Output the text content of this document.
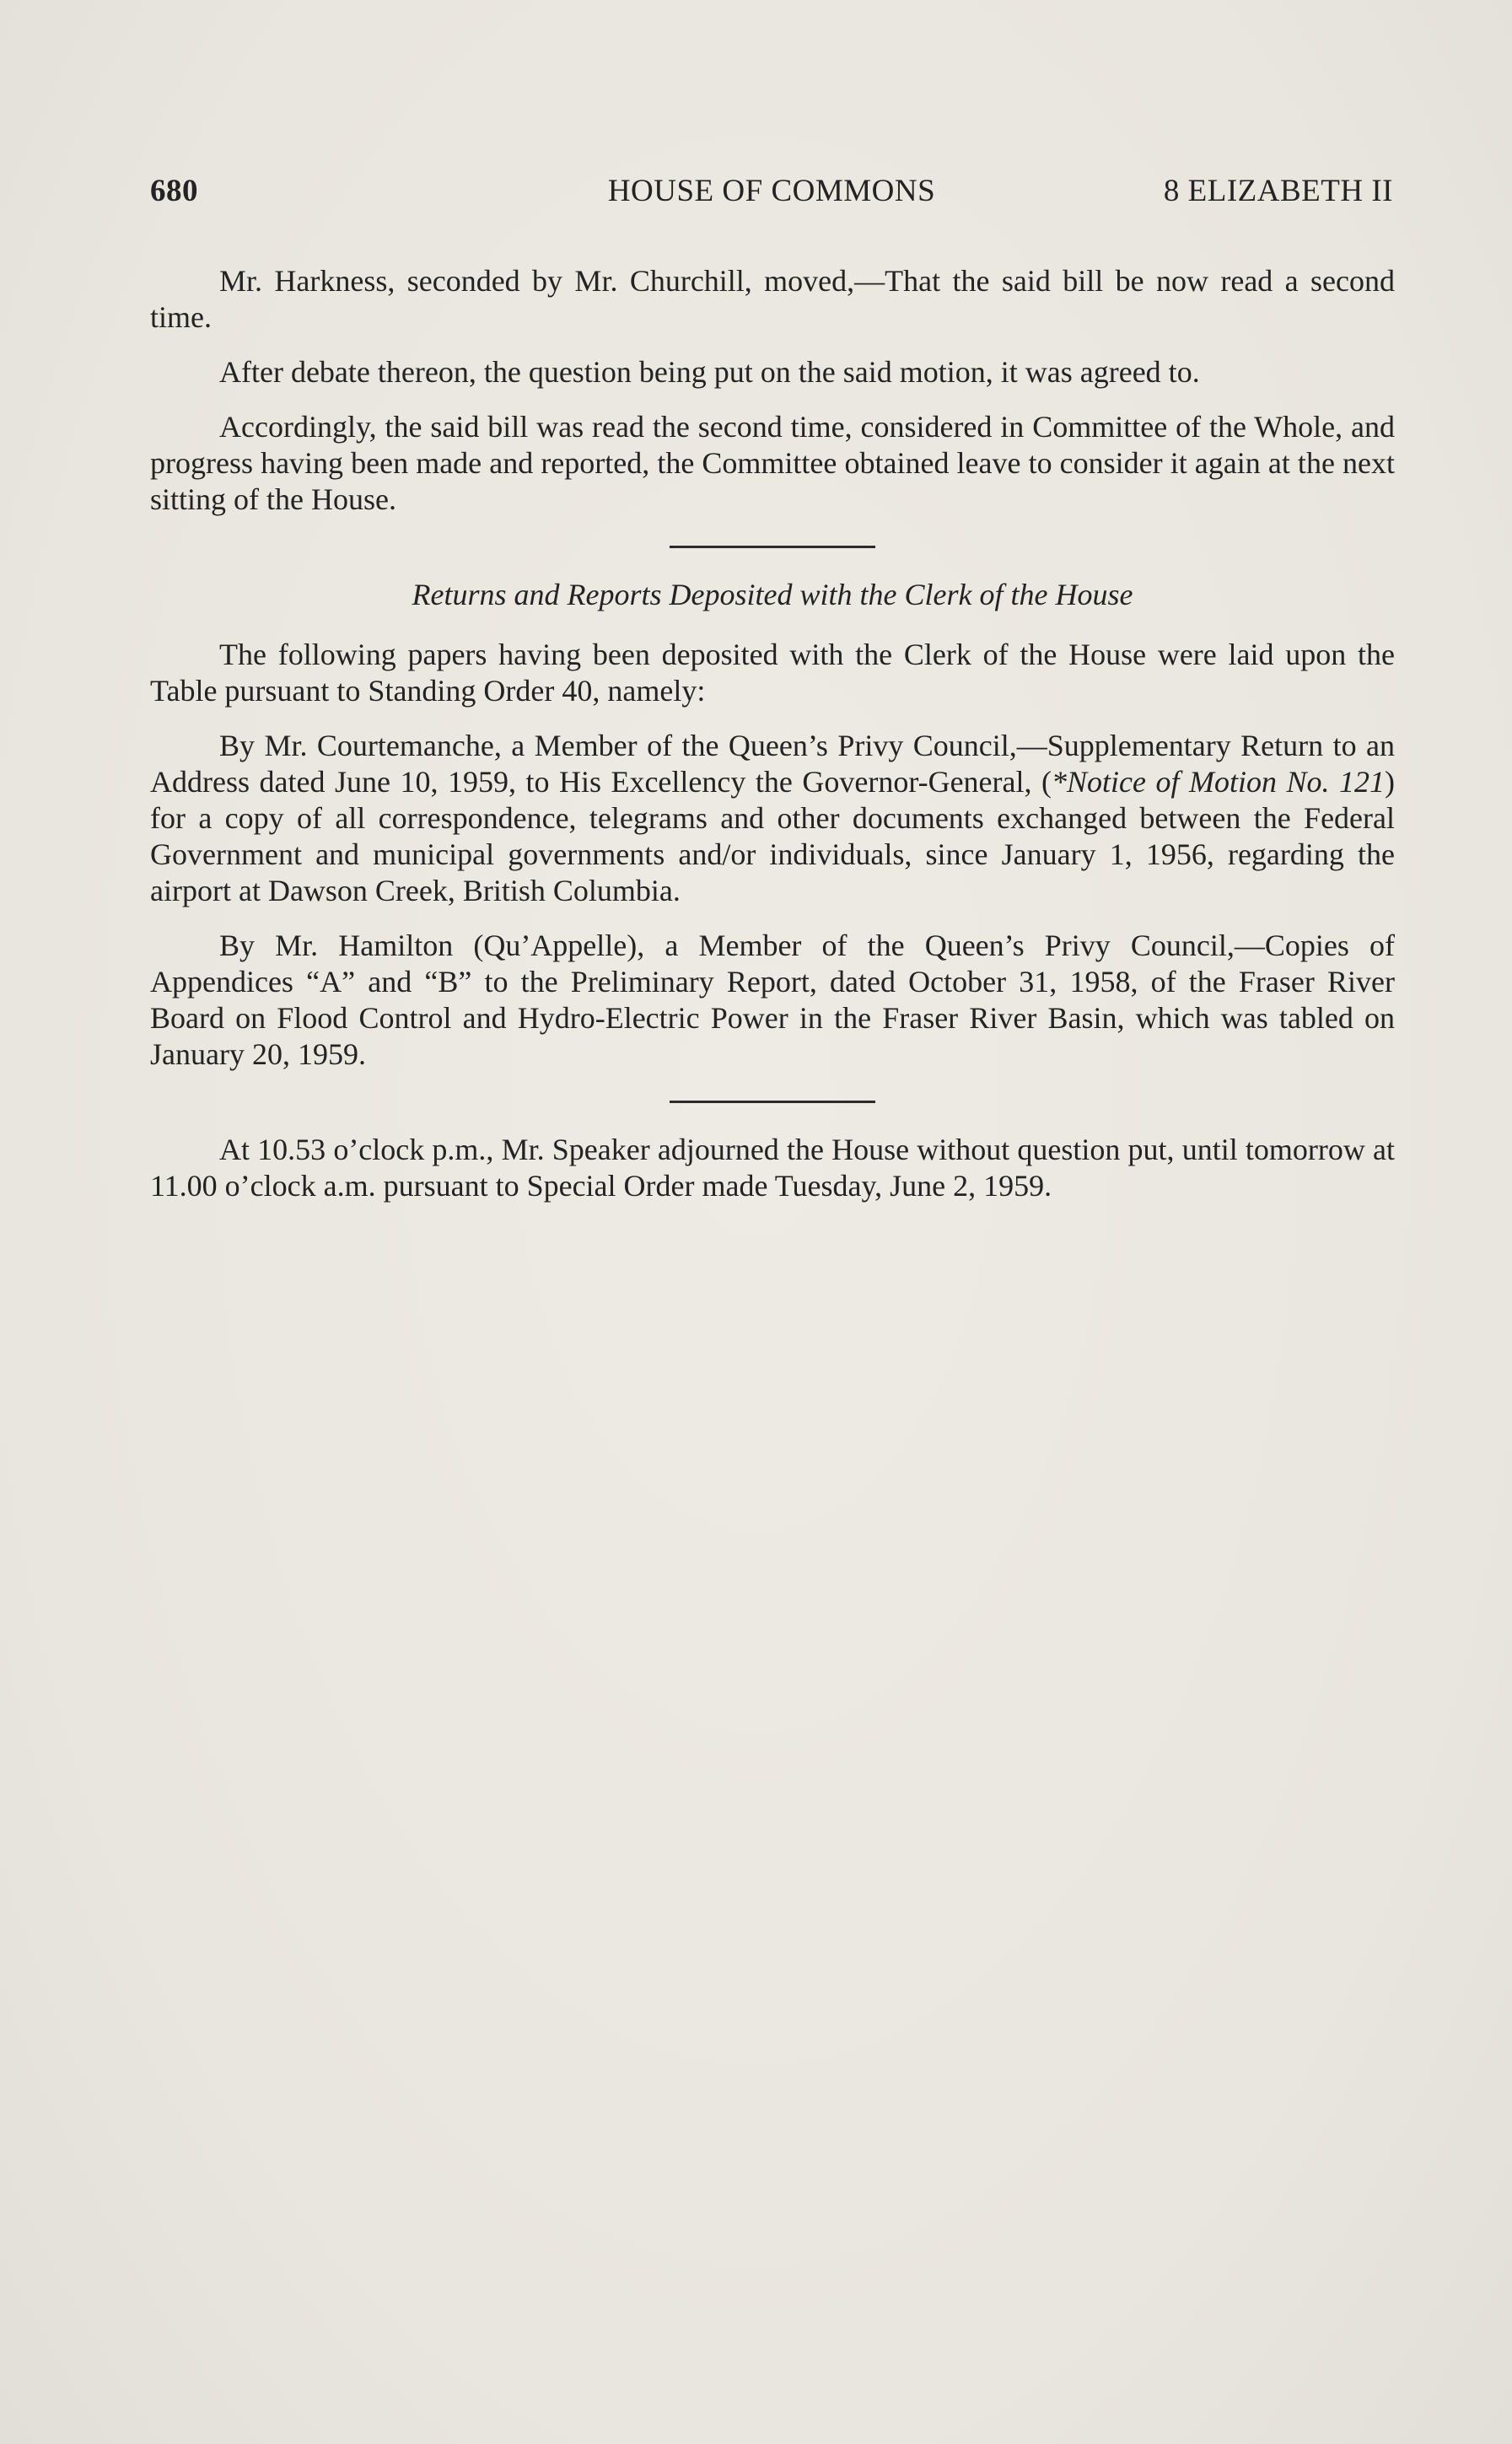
680	HOUSE OF COMMONS	8 ELIZABETH II

Mr. Harkness, seconded by Mr. Churchill, moved,—That the said bill be now read a second time.

After debate thereon, the question being put on the said motion, it was agreed to.

Accordingly, the said bill was read the second time, considered in Committee of the Whole, and progress having been made and reported, the Committee obtained leave to consider it again at the next sitting of the House.

Returns and Reports Deposited with the Clerk of the House

The following papers having been deposited with the Clerk of the House were laid upon the Table pursuant to Standing Order 40, namely:

By Mr. Courtemanche, a Member of the Queen’s Privy Council,—Supplementary Return to an Address dated June 10, 1959, to His Excellency the Governor-General, (*Notice of Motion No. 121) for a copy of all correspondence, telegrams and other documents exchanged between the Federal Government and municipal governments and/or individuals, since January 1, 1956, regarding the airport at Dawson Creek, British Columbia.

By Mr. Hamilton (Qu’Appelle), a Member of the Queen’s Privy Council,—Copies of Appendices “A” and “B” to the Preliminary Report, dated October 31, 1958, of the Fraser River Board on Flood Control and Hydro-Electric Power in the Fraser River Basin, which was tabled on January 20, 1959.

At 10.53 o’clock p.m., Mr. Speaker adjourned the House without question put, until tomorrow at 11.00 o’clock a.m. pursuant to Special Order made Tuesday, June 2, 1959.
